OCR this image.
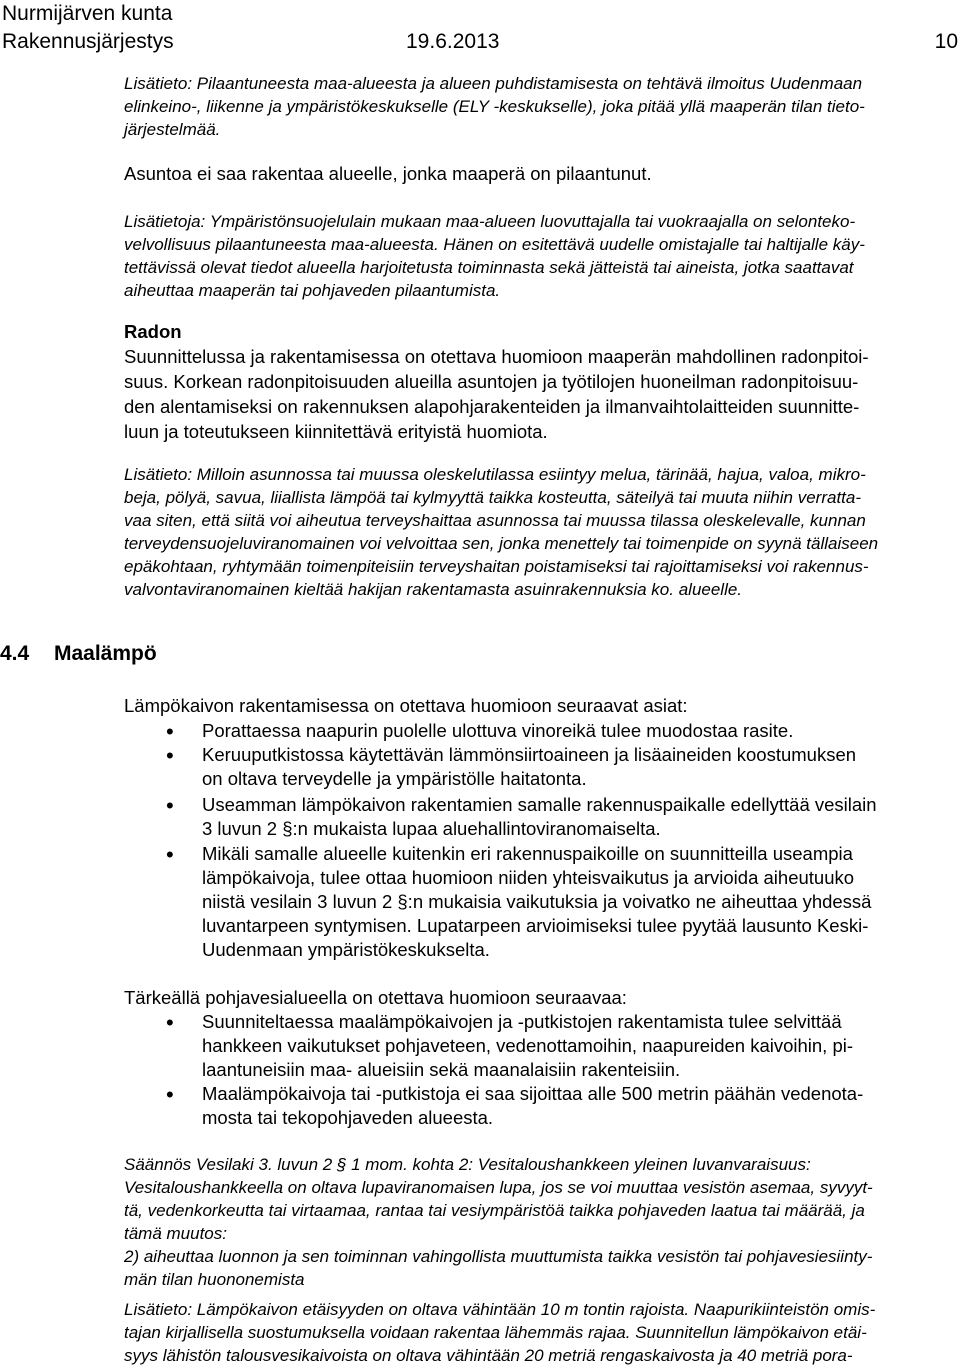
Nurmijärven kunta
Rakennusjärjestys	19.6.2013	10
Lisätieto: Pilaantuneesta maa-alueesta ja alueen puhdistamisesta on tehtävä ilmoitus Uudenmaan
elinkeino-, liikenne ja ympäristökeskukselle (ELY -keskukselle), joka pitää yllä maaperän tilan tieto-
järjestelmää.
Asuntoa ei saa rakentaa alueelle, jonka maaperä on pilaantunut.
Lisätietoja: Ympäristönsuojelulain mukaan maa-alueen luovuttajalla tai vuokraajalla on selonteko-
velvollisuus pilaantuneesta maa-alueesta. Hänen on esitettävä uudelle omistajalle tai haltijalle käy-
tettävissä olevat tiedot alueella harjoitetusta toiminnasta sekä jätteistä tai aineista, jotka saattavat
aiheuttaa maaperän tai pohjaveden pilaantumista.
Radon
Suunnittelussa ja rakentamisessa on otettava huomioon maaperän mahdollinen radonpitoi-
suus. Korkean radonpitoisuuden alueilla asuntojen ja työtilojen huoneilman radonpitoisuu-
den alentamiseksi on rakennuksen alapohjarakenteiden ja ilmanvaihtolaitteiden suunnitte-
luun ja toteutukseen kiinnitettävä erityistä huomiota.
Lisätieto: Milloin asunnossa tai muussa oleskelutilassa esiintyy melua, tärinää, hajua, valoa, mikro-
beja, pölyä, savua, liiallista lämpöä tai kylmyyttä taikka kosteutta, säteilyä tai muuta niihin verratta-
vaa siten, että siitä voi aiheutua terveyshaittaa asunnossa tai muussa tilassa oleskelevalle, kunnan
terveydensuojeluviranomainen voi velvoittaa sen, jonka menettely tai toimenpide on syynä tällaiseen
epäkohtaan, ryhtymään toimenpiteisiin terveyshaitan poistamiseksi tai rajoittamiseksi voi rakennus-
valvontaviranomainen kieltää hakijan rakentamasta asuinrakennuksia ko. alueelle.
4.4 Maalämpö
Lämpökaivon rakentamisessa on otettava huomioon seuraavat asiat:
• Porattaessa naapurin puolelle ulottuva vinoreikä tulee muodostaa rasite.
• Keruuputkistossa käytettävän lämmönsiirtoaineen ja lisäaineiden koostumuksen
on oltava terveydelle ja ympäristölle haitatonta.
• Useamman lämpökaivon rakentamien samalle rakennuspaikalle edellyttää vesilain
3 luvun 2 §:n mukaista lupaa aluehallintoviranomaiselta.
• Mikäli samalle alueelle kuitenkin eri rakennuspaikoille on suunnitteilla useampia
lämpökaivoja, tulee ottaa huomioon niiden yhteisvaikutus ja arvioida aiheutuuko
niistä vesilain 3 luvun 2 §:n mukaisia vaikutuksia ja voivatko ne aiheuttaa yhdessä
luvantarpeen syntymisen. Lupatarpeen arvioimiseksi tulee pyytää lausunto Keski-
Uudenmaan ympäristökeskukselta.
Tärkeällä pohjavesialueella on otettava huomioon seuraavaa:
• Suunniteltaessa maalämpökaivojen ja -putkistojen rakentamista tulee selvittää
hankkeen vaikutukset pohjaveteen, vedenottamoihin, naapureiden kaivoihin, pi-
laantuneisiin maa- alueisiin sekä maanalaisiin rakenteisiin.
• Maalämpökaivoja tai -putkistoja ei saa sijoittaa alle 500 metrin päähän vedenota-
mosta tai tekopohjaveden alueesta.
Säännös Vesilaki 3. luvun 2 § 1 mom. kohta 2: Vesitaloushankkeen yleinen luvanvaraisuus:
Vesitaloushankkeella on oltava lupaviranomaisen lupa, jos se voi muuttaa vesistön asemaa, syvyyt-
tä, vedenkorkeutta tai virtaamaa, rantaa tai vesiympäristöä taikka pohjaveden laatua tai määrää, ja
tämä muutos:
2) aiheuttaa luonnon ja sen toiminnan vahingollista muuttumista taikka vesistön tai pohjavesiesiinty-
män tilan huononemista
Lisätieto: Lämpökaivon etäisyyden on oltava vähintään 10 m tontin rajoista. Naapurikiinteistön omis-
tajan kirjallisella suostumuksella voidaan rakentaa lähemmäs rajaa. Suunnitellun lämpökaivon etäi-
syys lähistön talousvesikaivoista on oltava vähintään 20 metriä rengaskaivosta ja 40 metriä pora-
